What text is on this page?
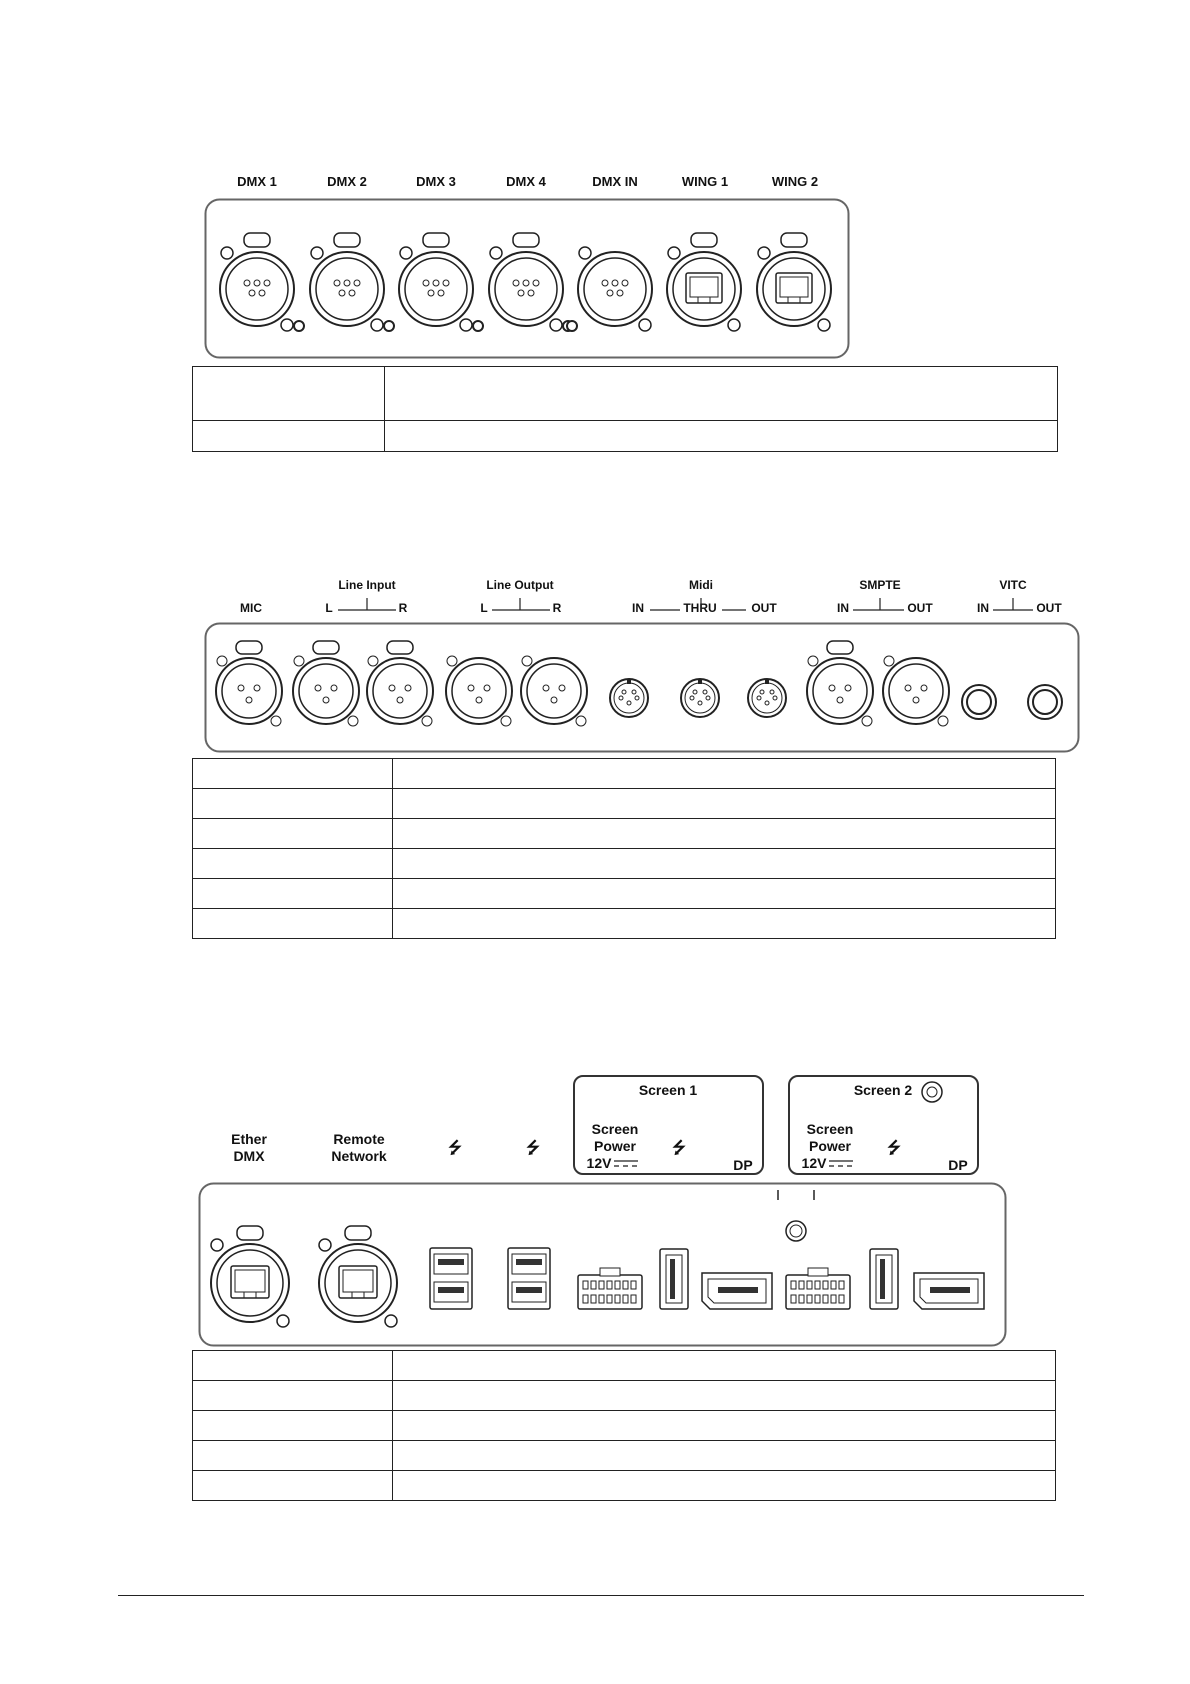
DMX 1	DMX 2	DMX 3	DMX 4	DMX IN	WING 1	WING 2

Line Input	Line Output	Midi	SMPTE	VITC
MIC	L	R	L	R	IN	THRU	OUT	IN	OUT	IN	OUT

Screen 1
Screen
Power
12V
⭍
DP
Screen 2
Screen
Power
12V
⭍
DP
Ether
DMX
Remote
Network	⭍	⭍
